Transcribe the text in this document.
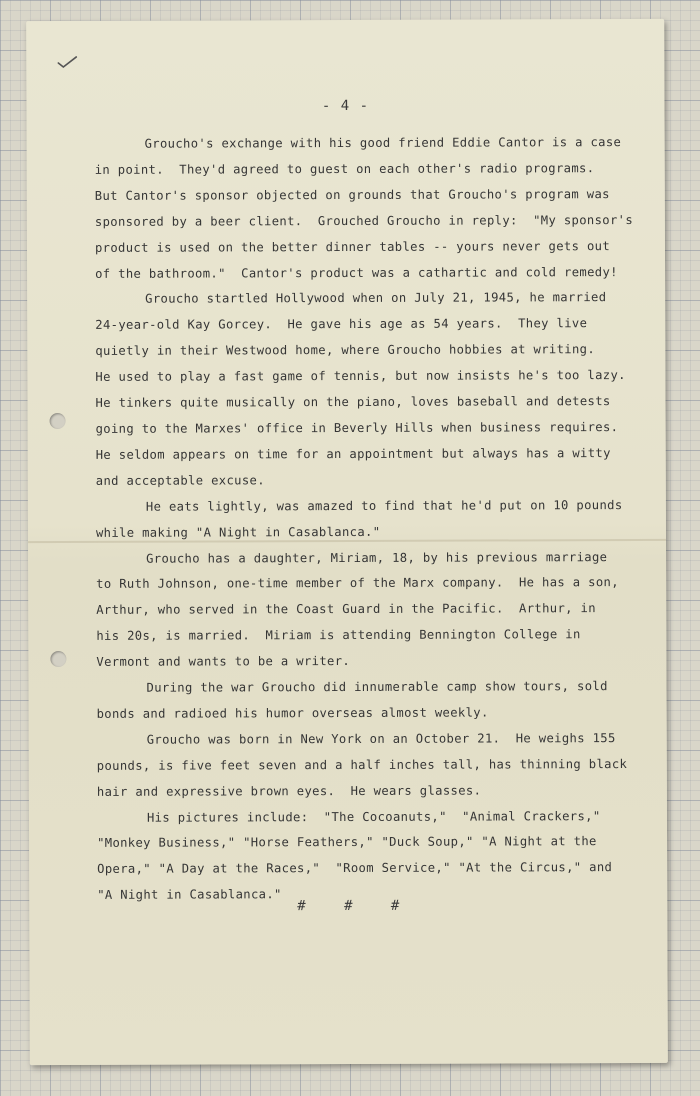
- 4 -
Groucho's exchange with his good friend Eddie Cantor is a case
in point.  They'd agreed to guest on each other's radio programs.
But Cantor's sponsor objected on grounds that Groucho's program was
sponsored by a beer client.  Grouched Groucho in reply:  "My sponsor's
product is used on the better dinner tables -- yours never gets out
of the bathroom."  Cantor's product was a cathartic and cold remedy!
Groucho startled Hollywood when on July 21, 1945, he married
24-year-old Kay Gorcey.  He gave his age as 54 years.  They live
quietly in their Westwood home, where Groucho hobbies at writing.
He used to play a fast game of tennis, but now insists he's too lazy.
He tinkers quite musically on the piano, loves baseball and detests
going to the Marxes' office in Beverly Hills when business requires.
He seldom appears on time for an appointment but always has a witty
and acceptable excuse.
He eats lightly, was amazed to find that he'd put on 10 pounds
while making "A Night in Casablanca."
Groucho has a daughter, Miriam, 18, by his previous marriage
to Ruth Johnson, one-time member of the Marx company.  He has a son,
Arthur, who served in the Coast Guard in the Pacific.  Arthur, in
his 20s, is married.  Miriam is attending Bennington College in
Vermont and wants to be a writer.
During the war Groucho did innumerable camp show tours, sold
bonds and radioed his humor overseas almost weekly.
Groucho was born in New York on an October 21.  He weighs 155
pounds, is five feet seven and a half inches tall, has thinning black
hair and expressive brown eyes.  He wears glasses.
His pictures include:  "The Cocoanuts,"  "Animal Crackers,"
"Monkey Business," "Horse Feathers," "Duck Soup," "A Night at the
Opera," "A Day at the Races,"  "Room Service," "At the Circus," and
"A Night in Casablanca."
# # #
